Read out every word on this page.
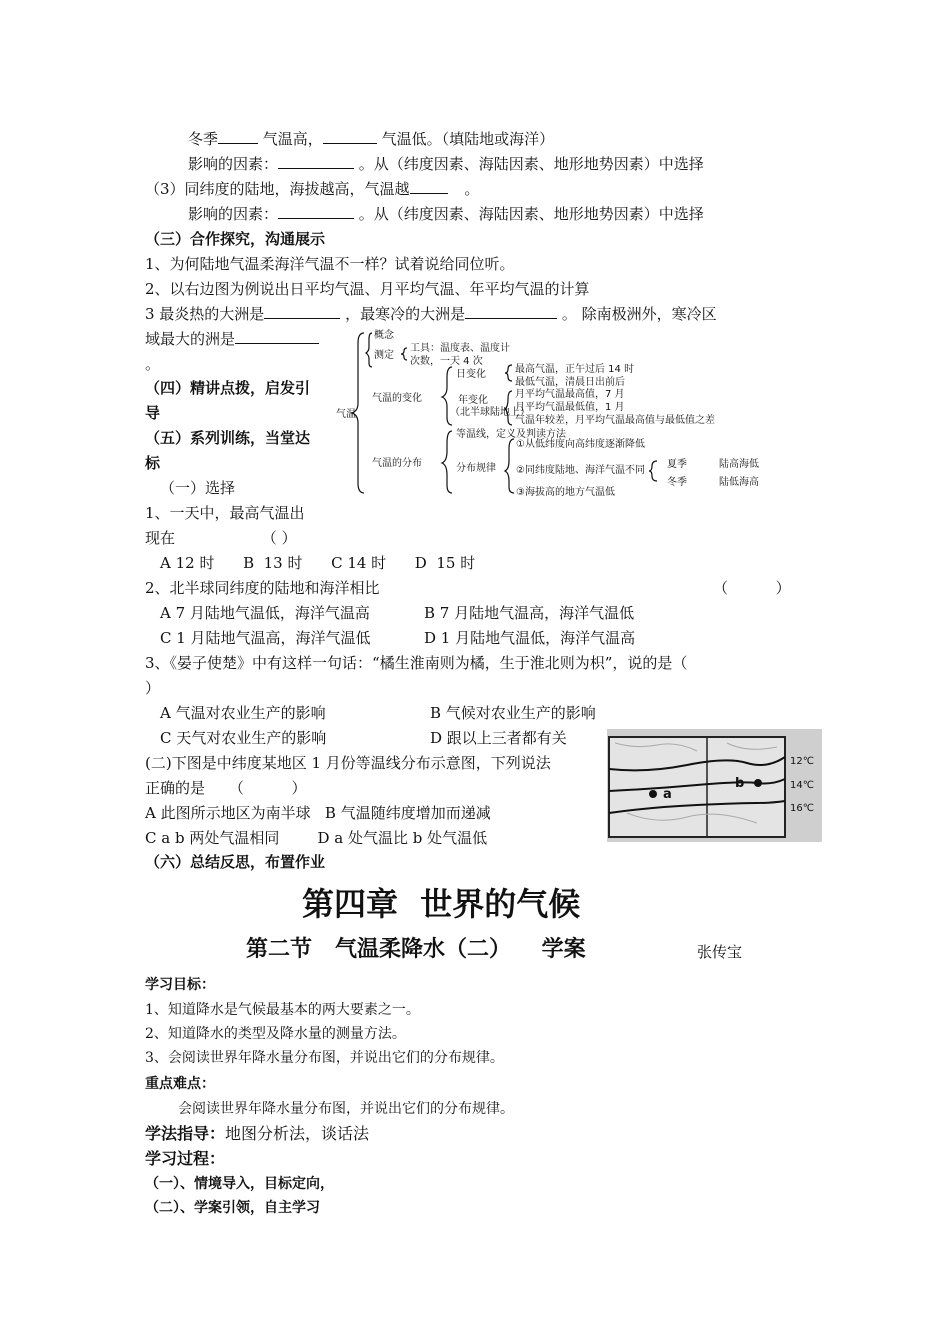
冬季	气温高，	气温低。（填陆地或海洋）
影响的因素：	。从（纬度因素、海陆因素、地形地势因素）中选择
（3）同纬度的陆地，海拔越高，气温越	。
影响的因素：	。从（纬度因素、海陆因素、地形地势因素）中选择
（三）合作探究，沟通展示
1、为何陆地气温柔海洋气温不一样？试着说给同位听。
2、以右边图为例说出日平均气温、月平均气温、年平均气温的计算
3 最炎热的大洲是	，最寒冷的大洲是	。 除南极洲外，寒冷区
域最大的洲是
。
（四）精讲点拨，启发引
导
（五）系列训练，当堂达
标
（一）选择
气温
概念
测定
工具：温度表、温度计
次数，一天 4 次
气温的变化
日变化	最高气温，正午过后 14 时
最低气温，清晨日出前后
年变化
（北半球陆地上）
月平均气温最高值，7 月
月平均气温最低值，1 月
气温年较差，月平均气温最高值与最低值之差
气温的分布
等温线，定义及判读方法
分布规律
①从低纬度向高纬度逐渐降低
②同纬度陆地、海洋气温不同
夏季	陆高海低
冬季	陆低海高
③海拔高的地方气温低
1、一天中，最高气温出
现在	（ ）
A 12 时      B  13 时      C 14 时      D  15 时
2、北半球同纬度的陆地和海洋相比	（          ）
A 7 月陆地气温低，海洋气温高	B 7 月陆地气温高，海洋气温低
C 1 月陆地气温高，海洋气温低	D 1 月陆地气温低，海洋气温高
3、《晏子使楚》中有这样一句话：“橘生淮南则为橘，生于淮北则为枳”，说的是（
）
A 气温对农业生产的影响	B 气候对农业生产的影响
C 天气对农业生产的影响	D 跟以上三者都有关
(二)下图是中纬度某地区 1 月份等温线分布示意图，下列说法
正确的是     （          ）
A 此图所示地区为南半球   B 气温随纬度增加而递减
C a b 两处气温相同        D a 处气温比 b 处气温低
a
b
12℃
14℃
16℃
（六）总结反思，布置作业
第四章  世界的气候
第二节   气温柔降水（二）    学案	张传宝
学习目标：
1、知道降水是气候最基本的两大要素之一。
2、知道降水的类型及降水量的测量方法。
3、会阅读世界年降水量分布图，并说出它们的分布规律。
重点难点：
会阅读世界年降水量分布图，并说出它们的分布规律。
学法指导：地图分析法，谈话法
学习过程：
（一）、情境导入，目标定向，
（二）、学案引领，自主学习
